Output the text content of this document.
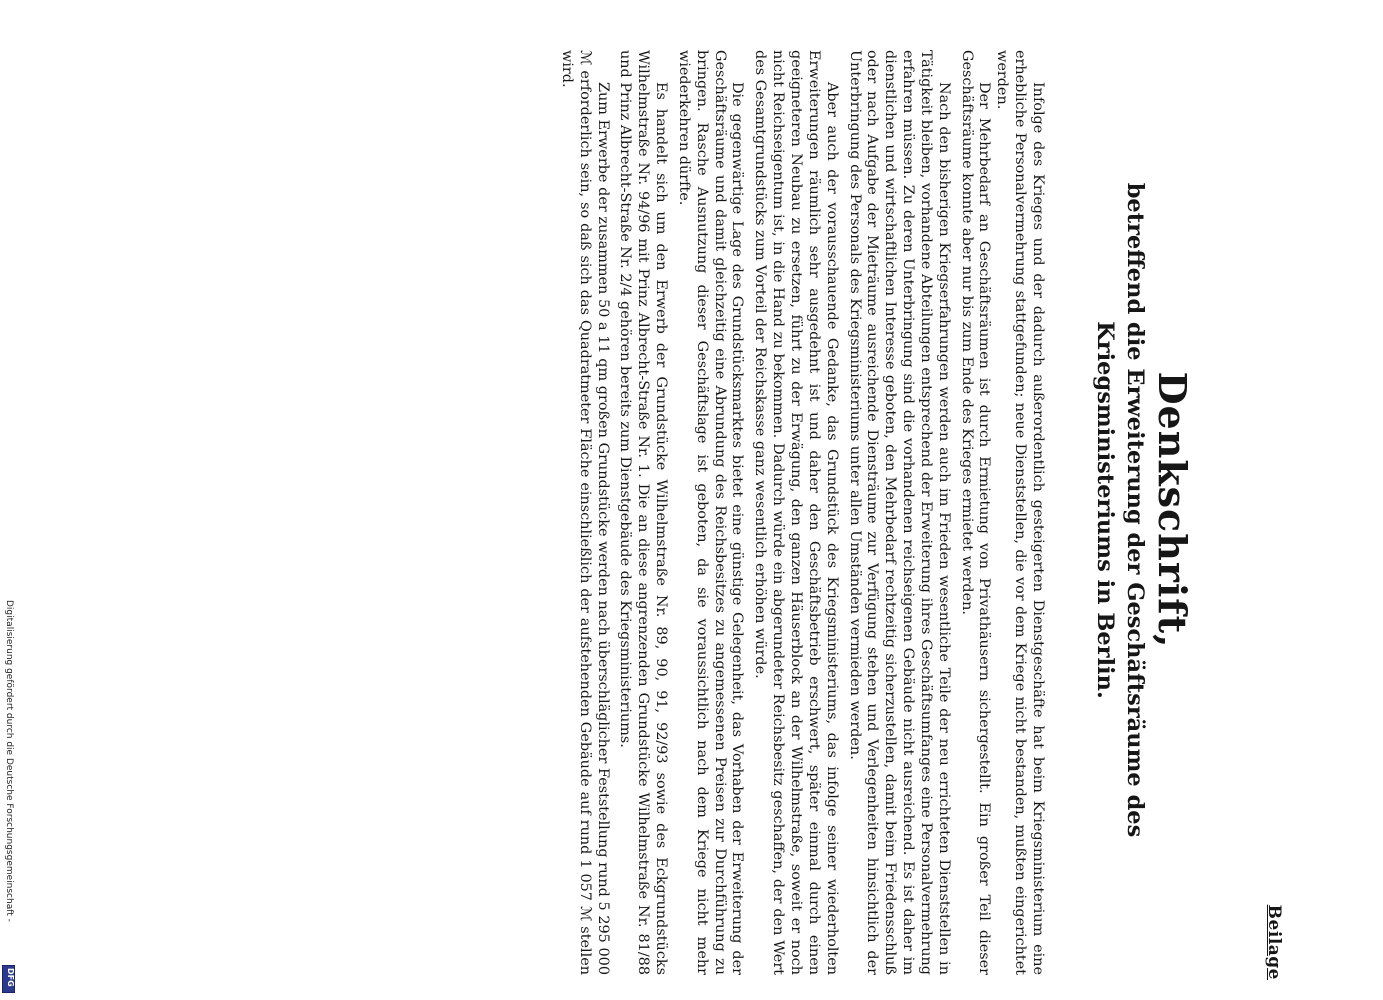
Beilage
Denkschrift,
betreffend die Erweiterung der Geschäftsräume des
Kriegsministeriums in Berlin.

Infolge des Krieges und der dadurch außerordentlich gesteigerten Dienstgeschäfte hat beim Kriegsministerium eine erhebliche Personalvermehrung stattgefunden; neue Dienststellen, die vor dem Kriege nicht bestanden, mußten eingerichtet werden.

Der Mehrbedarf an Geschäftsräumen ist durch Ermietung von Privathäusern sichergestellt. Ein großer Teil dieser Geschäftsräume konnte aber nur bis zum Ende des Krieges ermietet werden.

Nach den bisherigen Kriegserfahrungen werden auch im Frieden wesentliche Teile der neu errichteten Dienststellen in Tätigkeit bleiben, vorhandene Abteilungen entsprechend der Erweiterung ihres Geschäftsumfanges eine Personalvermehrung erfahren müssen. Zu deren Unterbringung sind die vorhandenen reichseigenen Gebäude nicht ausreichend. Es ist daher im dienstlichen und wirtschaftlichen Interesse geboten, den Mehrbedarf rechtzeitig sicherzustellen, damit beim Friedensschluß oder nach Aufgabe der Mieträume ausreichende Diensträume zur Verfügung stehen und Verlegenheiten hinsichtlich der Unterbringung des Personals des Kriegsministeriums unter allen Umständen vermieden werden.

Aber auch der vorausschauende Gedanke, das Grundstück des Kriegsministeriums, das infolge seiner wiederholten Erweiterungen räumlich sehr ausgedehnt ist und daher den Geschäftsbetrieb erschwert, später einmal durch einen geeigneteren Neubau zu ersetzen, führt zu der Erwägung, den ganzen Häuserblock an der Wilhelmstraße, soweit er noch nicht Reichseigentum ist, in die Hand zu bekommen. Dadurch würde ein abgerundeter Reichsbesitz geschaffen, der den Wert des Gesamtgrundstücks zum Vorteil der Reichskasse ganz wesentlich erhöhen würde.

Die gegenwärtige Lage des Grundstücksmarktes bietet eine günstige Gelegenheit, das Vorhaben der Erweiterung der Geschäftsräume und damit gleichzeitig eine Abrundung des Reichsbesitzes zu angemessenen Preisen zur Durchführung zu bringen. Rasche Ausnutzung dieser Geschäftslage ist geboten, da sie voraussichtlich nach dem Kriege nicht mehr wiederkehren dürfte.

Es handelt sich um den Erwerb der Grundstücke Wilhelmstraße Nr. 89, 90, 91, 92/93 sowie des Eckgrundstücks Wilhelmstraße Nr. 94/96 mit Prinz Albrecht-Straße Nr. 1. Die an diese angrenzenden Grundstücke Wilhelmstraße Nr. 81/88 und Prinz Albrecht-Straße Nr. 2/4 gehören bereits zum Dienstgebäude des Kriegsministeriums.

Zum Erwerbe der zusammen 50 a 11 qm großen Grundstücke werden nach überschläglicher Feststellung rund 5 295 000 ℳ erforderlich sein, so daß sich das Quadratmeter Fläche einschließlich der aufstehenden Gebäude auf rund 1 057 ℳ stellen wird.

Digitalisierung gefördert durch die Deutsche Forschungsgemeinschaft -
DFG
